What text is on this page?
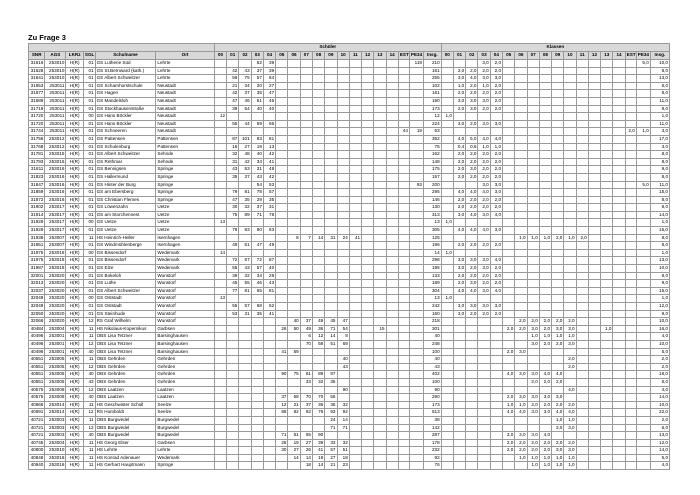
Zu Frage 3

						Schüler																		Klassen																	
SNR	AGS	LKRz	SGL	Schulname	Ort	00	01	02	03	04	05	06	07	08	09	10	11	12	13	14	EST	PE34	Insg.	00	01	02	03	04	05	06	07	08	09	10	11	12	13	14	EST	PE34	Insg.
31616	253010	H(R)	01	GS Lutherie Süd	Lehrte				52	39												119	210				3,0	2,0												5,0	10,0
31628	253010	H(R)	01	GS St.Bernward (kath.)	Lehrte		42	43	37	39													161		2,0	2,0	2,0	2,0													8,0
31641	253010	H(R)	01	GS Albert Schweitzer	Lehrte		59	75	57	64													255		3,0	4,0	3,0	3,0													13,0
31653	253011	H(R)	01	GS Scharnhorstschule	Neustadt		21	34	20	27													102		1,0	2,0	1,0	2,0													6,0
31677	253011	H(R)	01	GS Hagen	Neustadt		42	37	35	47													161		2,0	2,0	2,0	2,0													8,0
31689	253011	H(R)	01	GS Mandelsloh	Neustadt		47	46	51	46													190		3,0	3,0	3,0	2,0													11,0
31719	253011	H(R)	01	GS Stockhausenstraße	Neustadt		39	54	40	40													173		2,0	3,0	2,0	2,0													9,0
31720	253011	H(R)	00	GS Hans Böckler	Neustadt	12																	12	1,0																	1,0
31720	253011	H(R)	01	GS Hans Böckler	Neustadt		55	44	59	66													224		3,0	2,0	3,0	3,0													11,0
31744	253011	H(R)	01	GS Schneeren	Neustadt																44	19	63																2,0	1,0	3,0
31756	253012	H(R)	01	GS Pattensen	Pattensen		87	101	83	81													352		4,0	5,0	4,0	4,0													17,0
31768	253012	H(R)	01	GS Schulenburg	Pattensen		16	27	19	13													75		0,4	0,6	1,0	1,0													3,0
31781	253015	H(R)	01	GS Albert Schweitzer	Sehnde		32	48	40	42													162		2,0	2,0	2,0	2,0													8,0
31793	253015	H(R)	01	GS Rethmar	Sehnde		31	42	34	41													148		2,0	2,0	2,0	2,0													8,0
31811	253016	H(R)	01	GS Bennigsen	Springe		43	53	31	48													175		2,0	3,0	2,0	2,0													9,0
31823	253016	H(R)	01	GS Hallermund	Springe		35	37	43	42													157		2,0	2,0	2,0	2,0													8,0
31847	253016	H(R)	01	GS Hinter der Burg	Springe				54	53												93	200				3,0	3,0												5,0	11,0
31859	253016	H(R)	01	GS am Ebersberg	Springe		79	81	78	57													295		4,0	4,0	4,0	3,0													15,0
31872	253016	H(R)	01	GS Christian Flemes	Springe		47	35	29	35													146		2,0	2,0	2,0	2,0													8,0
31902	253017	H(R)	01	GS Löwenzahn	Uetze		30	32	37	31													130		2,0	2,0	2,0	2,0													8,0
31914	253017	H(R)	01	GS am Storchennest	Uetze		75	89	71	78													313		3,0	4,0	3,0	4,0													14,0
31926	253017	H(R)	00	GS Uetze	Uetze	13																	13	1,0																	1,0
31926	253017	H(R)	01	GS Uetze	Uetze		79	83	80	63													305		4,0	4,0	4,0	3,0													15,0
31938	253007	H(R)	11	HS Heinrich-Heller	Isernhagen							8	7	14	31	24	41						125							1,0	1,0	1,0	2,0	1,0	2,0						8,0
31951	253007	H(R)	01	GS Windmühlenberge	Isernhagen		49	51	47	49													196		2,0	2,0	2,0	2,0													8,0
31975	253018	H(R)	00	GS Bissendorf	Wedemark	14																	14	1,0																	1,0
31975	253018	H(R)	01	GS Bissendorf	Wedemark		72	67	72	87													298		3,0	3,0	3,0	4,0													13,0
31987	253018	H(R)	01	GS Elze	Wedemark		55	43	57	40													195		3,0	2,0	3,0	2,0													10,0
32001	253020	H(R)	01	GS Bokeloh	Wunstorf		39	32	34	28													133		2,0	2,0	2,0	2,0													8,0
32013	253020	H(R)	01	GS Luthe	Wunstorf		45	55	46	43													189		2,0	3,0	2,0	2,0													9,0
32037	253020	H(R)	01	GS Albert Schweitzer	Wunstorf		77	81	65	81													304		4,0	4,0	3,0	4,0													15,0
32049	253020	H(R)	00	GS Oststadt	Wunstorf	13																	13	1,0																	1,0
32049	253020	H(R)	01	GS Oststadt	Wunstorf		55	57	68	62													242		3,0	3,0	3,0	3,0													12,0
32050	253020	H(R)	01	GS Steinhude	Wunstorf		53	31	35	41													160		3,0	2,0	2,0	2,0													9,0
32066	253020	H(R)	12	RS Graf Wilhelm	Wunstorf							40	37	49	45	47							218							2,0	2,0	2,0	2,0	2,0							10,0
40484	253004	H(R)	11	HS Nikolaus-Kopernikus	Garbsen						26	50	49	36	71	54			15				301						2,0	2,0	3,0	2,0	3,0	3,0			1,0				16,0
40496	253001	H(R)	11	OBS Lisa Tetzner	Barsinghausen								6	12	14	8							40								1,0	1,0	1,0	1,0							4,0
40496	253001	H(R)	12	OBS Lisa Tetzner	Barsinghausen								70	58	51	69							248								3,0	2,0	2,0	3,0							10,0
40496	253001	H(R)	40	OBS Lisa Tetzner	Barsinghausen						41	59											100						2,0	3,0											5,0
40551	253005	H(R)	11	OBS Gehrden	Gehrden											40							40											2,0							2,0
40551	253005	H(R)	12	OBS Gehrden	Gehrden											43							43											2,0							2,0
40551	253005	H(R)	40	OBS Gehrden	Gehrden						90	75	61	89	87								402						4,0	3,0	3,0	4,0	4,0								18,0
40551	253005	H(R)	43	OBS Gehrden	Gehrden								33	32	35								100								2,0	2,0	2,0								6,0
40575	253008	H(R)	12	OBS Laatzen	Laatzen											90							90											4,0							4,0
40575	253008	H(R)	40	OBS Laatzen	Laatzen						37	58	70	70	55								290						2,0	3,0	3,0	3,0	3,0								14,0
40666	253014	H(R)	11	HS Geschwister Scholl	Seelze						12	21	37	36	35	32							173						1,0	1,0	2,0	2,0	2,0	2,0							10,0
40691	253014	H(R)	12	RS Humboldt	Seelze						88	82	82	76	93	92							513						4,0	4,0	3,0	3,0	4,0	4,0							22,0
40721	253003	H(R)	11	OBS Burgwedel	Burgwedel										24	14							38										1,0	1,0							2,0
40721	253003	H(R)	12	OBS Burgwedel	Burgwedel										71	71							142										3,0	3,0							6,0
40721	253003	H(R)	40	OBS Burgwedel	Burgwedel						71	61	65	90									287						3,0	3,0	3,0	4,0									13,0
40745	253004	H(R)	11	HS Georg Elser	Garbsen						28	19	27	39	33	32							178						2,0	2,0	2,0	2,0	2,0	2,0							12,0
40800	253010	H(R)	11	HS Lehrte	Lehrte						30	27	26	41	57	51							232						2,0	2,0	2,0	2,0	3,0	3,0							14,0
40848	253018	H(R)	11	HS Konrad Adenauer	Wedemark							14	14	19	27	18							92							1,0	1,0	1,0	1,0	1,0							5,0
40940	253016	H(R)	11	HS Gerhart Hauptmann	Springe								18	14	21	23							76								1,0	1,0	1,0	1,0							4,0
